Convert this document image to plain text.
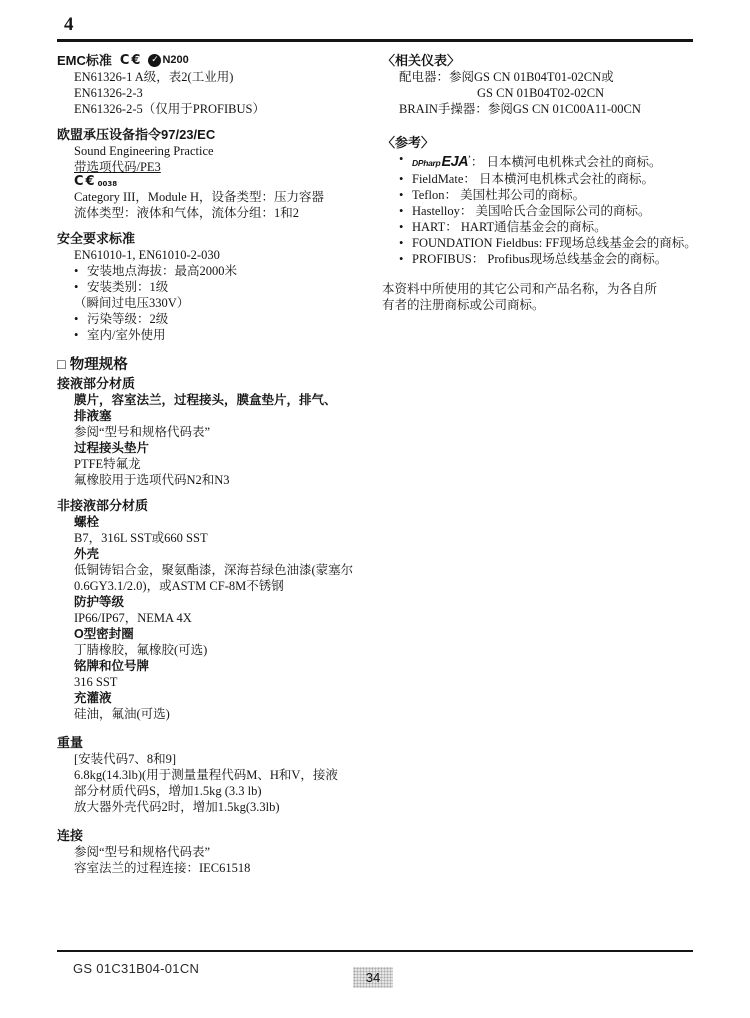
4
EMC标准 C€ ✓ N200
EN61326-1 A级，表2(工业用)
EN61326-2-3
EN61326-2-5（仅用于PROFIBUS）
欧盟承压设备指令97/23/EC
Sound Engineering Practice
带选项代码/PE3
C€ 0038
Category III，Module H，设备类型：压力容器
流体类型：液体和气体，流体分组：1和2
安全要求标准
EN61010-1, EN61010-2-030
• 安装地点海拔：最高2000米
• 安装类别：1级
（瞬间过电压330V）
• 污染等级：2级
• 室内/室外使用
□ 物理规格
接液部分材质
膜片，容室法兰，过程接头，膜盒垫片，排气、
排液塞
参阅“型号和规格代码表”
过程接头垫片
PTFE特氟龙
氟橡胶用于选项代码N2和N3
非接液部分材质
螺栓
B7，316L SST或660 SST
外壳
低铜铸铝合金，聚氨酯漆，深海苔绿色油漆(蒙塞尔
0.6GY3.1/2.0)，或ASTM CF-8M不锈钢
防护等级
IP66/IP67，NEMA 4X
O型密封圈
丁腈橡胶，氟橡胶(可选)
铭牌和位号牌
316 SST
充灌液
硅油，氟油(可选)
重量
[安装代码7、8和9]
6.8kg(14.3lb)(用于测量量程代码M、H和V，接液
部分材质代码S，增加1.5kg (3.3 lb)
放大器外壳代码2时，增加1.5kg(3.3lb)
连接
参阅“型号和规格代码表”
容室法兰的过程连接：IEC61518
〈相关仪表〉
配电器：参阅GS CN 01B04T01-02CN或
GS CN 01B04T02-02CN
BRAIN手操器：参阅GS CN 01C00A11-00CN
〈参考〉
•	DPharpEJA’： 日本横河电机株式会社的商标。
• FieldMate： 日本横河电机株式会社的商标。
• Teflon： 美国杜邦公司的商标。
• Hastelloy： 美国哈氏合金国际公司的商标。
• HART： HART通信基金会的商标。
• FOUNDATION Fieldbus: FF现场总线基金会的商标。
• PROFIBUS： Profibus现场总线基金会的商标。
本资料中所使用的其它公司和产品名称，为各自所
有者的注册商标或公司商标。
GS 01C31B04-01CN
34
